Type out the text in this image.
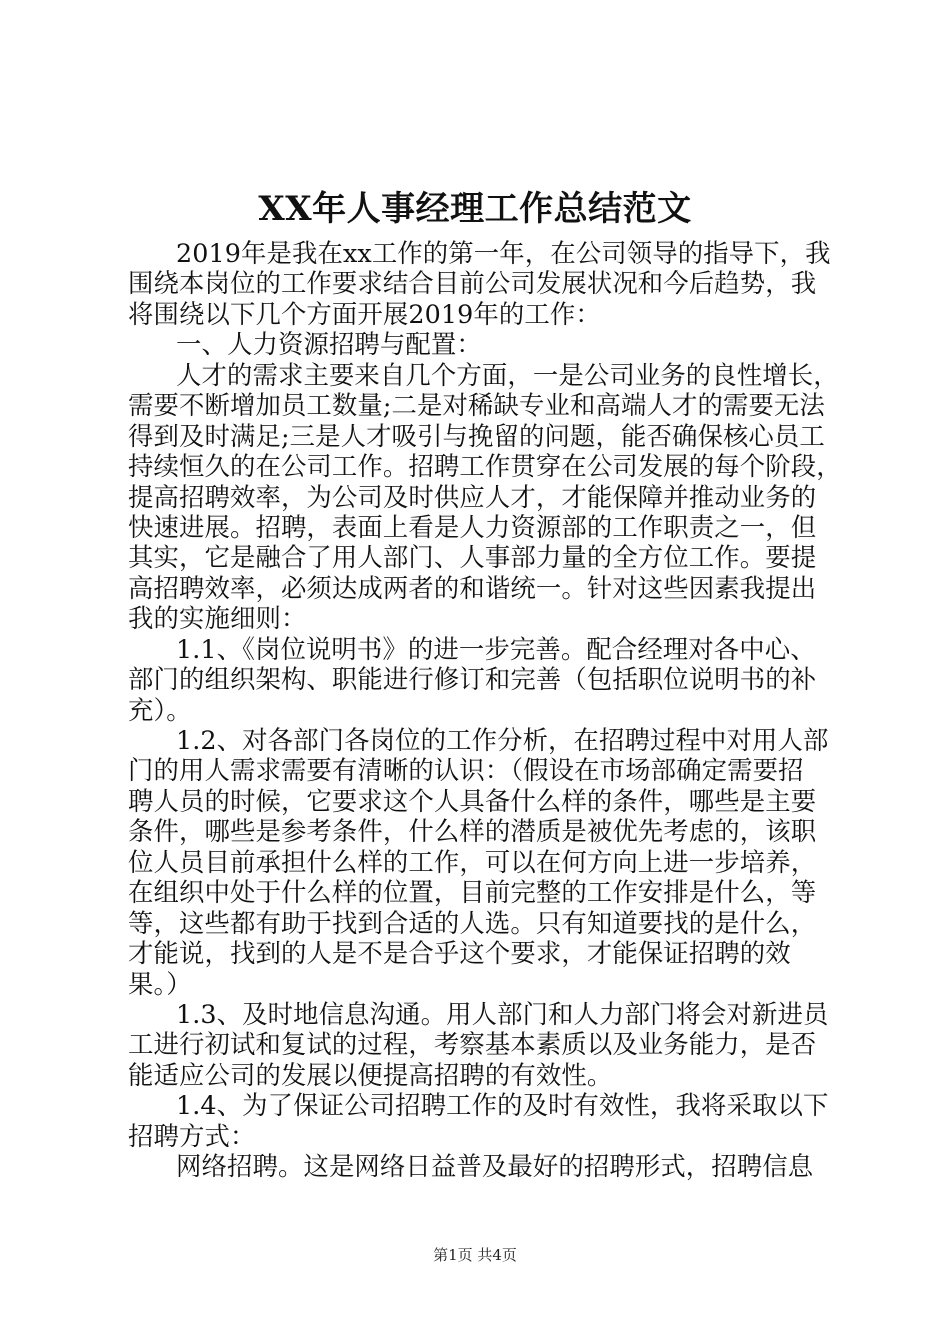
XX年人事经理工作总结范文
2019年是我在xx工作的第一年，在公司领导的指导下，我
围绕本岗位的工作要求结合目前公司发展状况和今后趋势，我
将围绕以下几个方面开展2019年的工作：
一、人力资源招聘与配置：
人才的需求主要来自几个方面，一是公司业务的良性增长，
需要不断增加员工数量;二是对稀缺专业和高端人才的需要无法
得到及时满足;三是人才吸引与挽留的问题，能否确保核心员工
持续恒久的在公司工作。招聘工作贯穿在公司发展的每个阶段，
提高招聘效率，为公司及时供应人才，才能保障并推动业务的
快速进展。招聘，表面上看是人力资源部的工作职责之一，但
其实，它是融合了用人部门、人事部力量的全方位工作。要提
高招聘效率，必须达成两者的和谐统一。针对这些因素我提出
我的实施细则：
1.1、《岗位说明书》的进一步完善。配合经理对各中心、
部门的组织架构、职能进行修订和完善（包括职位说明书的补
充）。
1.2、对各部门各岗位的工作分析，在招聘过程中对用人部
门的用人需求需要有清晰的认识：（假设在市场部确定需要招
聘人员的时候，它要求这个人具备什么样的条件，哪些是主要
条件，哪些是参考条件，什么样的潜质是被优先考虑的，该职
位人员目前承担什么样的工作，可以在何方向上进一步培养，
在组织中处于什么样的位置，目前完整的工作安排是什么，等
等，这些都有助于找到合适的人选。只有知道要找的是什么，
才能说，找到的人是不是合乎这个要求，才能保证招聘的效
果。）
1.3、及时地信息沟通。用人部门和人力部门将会对新进员
工进行初试和复试的过程，考察基本素质以及业务能力，是否
能适应公司的发展以便提高招聘的有效性。
1.4、为了保证公司招聘工作的及时有效性，我将采取以下
招聘方式：
网络招聘。这是网络日益普及最好的招聘形式，招聘信息
第1页 共4页
